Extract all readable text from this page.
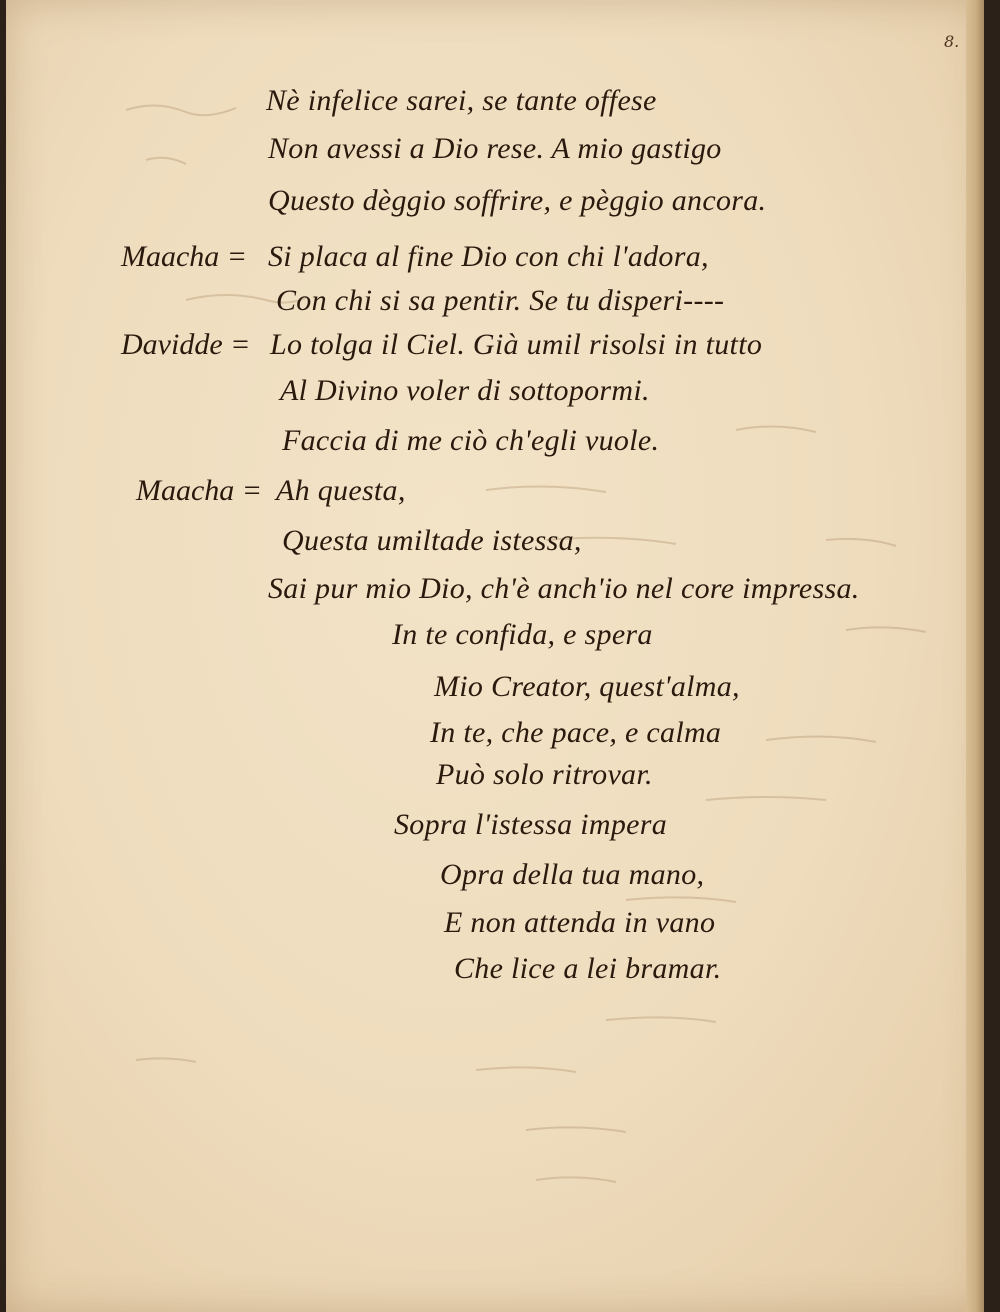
8.
Maacha =
Davidde =
Maacha =
Nè infelice sarei, se tante offese
Non avessi a Dio rese. A mio gastigo
Questo dèggio soffrire, e pèggio ancora.
Si placa al fine Dio con chi l'adora,
Con chi si sa pentir. Se tu disperi----
Lo tolga il Ciel. Già umil risolsi in tutto
Al Divino voler di sottopormi.
Faccia di me ciò ch'egli vuole.
Ah questa,
Questa umiltade istessa,
Sai pur mio Dio, ch'è anch'io nel core impressa.
In te confida, e spera
Mio Creator, quest'alma,
In te, che pace, e calma
Può solo ritrovar.
Sopra l'istessa impera
Opra della tua mano,
E non attenda in vano
Che lice a lei bramar.
